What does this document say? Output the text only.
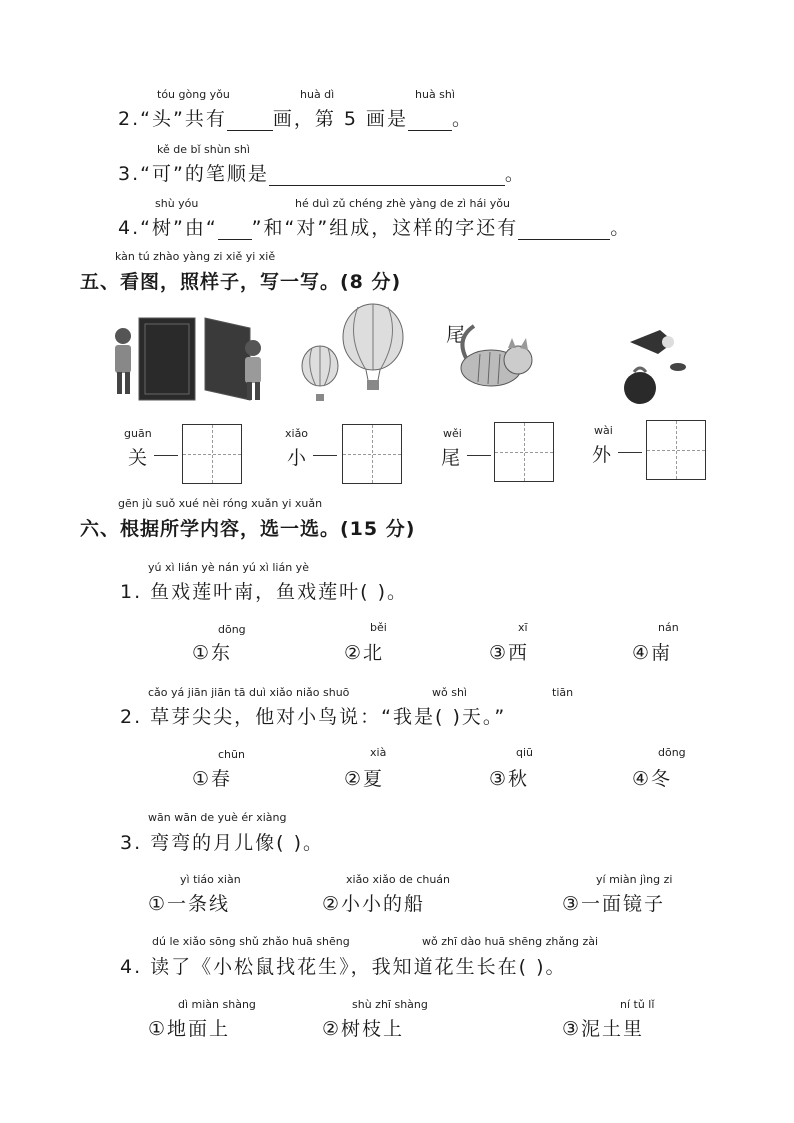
tóu gòng yǒu	huà dì	huà shì
2.“头”共有 画，第 5 画是 。
kě de bǐ shùn shì
3.“可”的笔顺是	。
shù yóu	hé duì zǔ chéng zhè yàng de zì hái yǒu
4.“树”由“ ”和“对”组成，这样的字还有	。
kàn tú zhào yàng zi xiě yi xiě
五、看图，照样子，写一写。(8 分)
尾
guān
关
xiǎo
小
wěi
尾
wài
外
gēn jù suǒ xué nèi róng xuǎn yi xuǎn
六、根据所学内容，选一选。(15 分)
yú xì lián yè nán yú xì lián yè
1. 鱼戏莲叶南，鱼戏莲叶( )。
dōng
①东
běi
②北
xī
③西
nán
④南
cǎo yá jiān jiān tā duì xiǎo niǎo shuō	wǒ shì	tiān
2. 草芽尖尖，他对小鸟说：“我是( )天。”
chūn
①春
xià
②夏
qiū
③秋
dōng
④冬
wān wān de yuè ér xiàng
3. 弯弯的月儿像( )。
yì tiáo xiàn
①一条线
xiǎo xiǎo de chuán
②小小的船
yí miàn jìng zi
③一面镜子
dú le xiǎo sōng shǔ zhǎo huā shēng	wǒ zhī dào huā shēng zhǎng zài
4. 读了《小松鼠找花生》，我知道花生长在( )。
dì miàn shàng
①地面上
shù zhī shàng
②树枝上
ní tǔ lǐ
③泥土里
